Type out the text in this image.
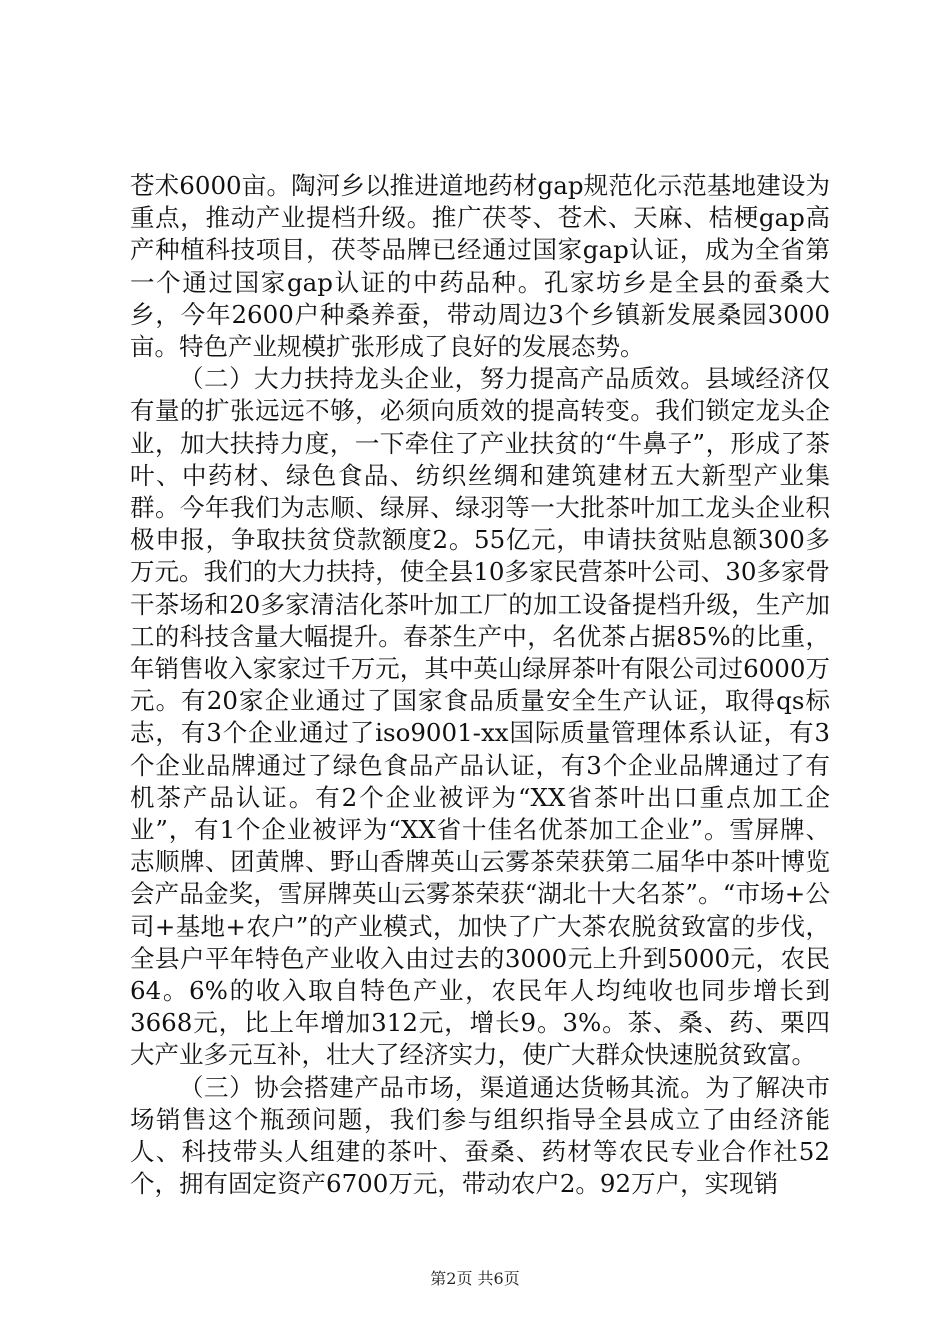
苍术6000亩。陶河乡以推进道地药材gap规范化示范基地建设为重点，推动产业提档升级。推广茯苓、苍术、天麻、桔梗gap高产种植科技项目，茯苓品牌已经通过国家gap认证，成为全省第一个通过国家gap认证的中药品种。孔家坊乡是全县的蚕桑大乡，今年2600户种桑养蚕，带动周边3个乡镇新发展桑园3000亩。特色产业规模扩张形成了良好的发展态势。

（二）大力扶持龙头企业，努力提高产品质效。县域经济仅有量的扩张远远不够，必须向质效的提高转变。我们锁定龙头企业，加大扶持力度，一下牵住了产业扶贫的“牛鼻子”，形成了茶叶、中药材、绿色食品、纺织丝绸和建筑建材五大新型产业集群。今年我们为志顺、绿屏、绿羽等一大批茶叶加工龙头企业积极申报，争取扶贫贷款额度2。55亿元，申请扶贫贴息额300多万元。我们的大力扶持，使全县10多家民营茶叶公司、30多家骨干茶场和20多家清洁化茶叶加工厂的加工设备提档升级，生产加工的科技含量大幅提升。春茶生产中，名优茶占据85%的比重，年销售收入家家过千万元，其中英山绿屏茶叶有限公司过6000万元。有20家企业通过了国家食品质量安全生产认证，取得qs标志，有3个企业通过了iso9001-xx国际质量管理体系认证，有3个企业品牌通过了绿色食品产品认证，有3个企业品牌通过了有机茶产品认证。有2个企业被评为“XX省茶叶出口重点加工企业”，有1个企业被评为“XX省十佳名优茶加工企业”。雪屏牌、志顺牌、团黄牌、野山香牌英山云雾茶荣获第二届华中茶叶博览会产品金奖，雪屏牌英山云雾茶荣获“湖北十大名茶”。“市场+公司+基地+农户”的产业模式，加快了广大茶农脱贫致富的步伐，全县户平年特色产业收入由过去的3000元上升到5000元，农民64。6%的收入取自特色产业，农民年人均纯收也同步增长到3668元，比上年增加312元，增长9。3%。茶、桑、药、栗四大产业多元互补，壮大了经济实力，使广大群众快速脱贫致富。

（三）协会搭建产品市场，渠道通达货畅其流。为了解决市场销售这个瓶颈问题，我们参与组织指导全县成立了由经济能人、科技带头人组建的茶叶、蚕桑、药材等农民专业合作社52个，拥有固定资产6700万元，带动农户2。92万户，实现销

第2页 共6页
